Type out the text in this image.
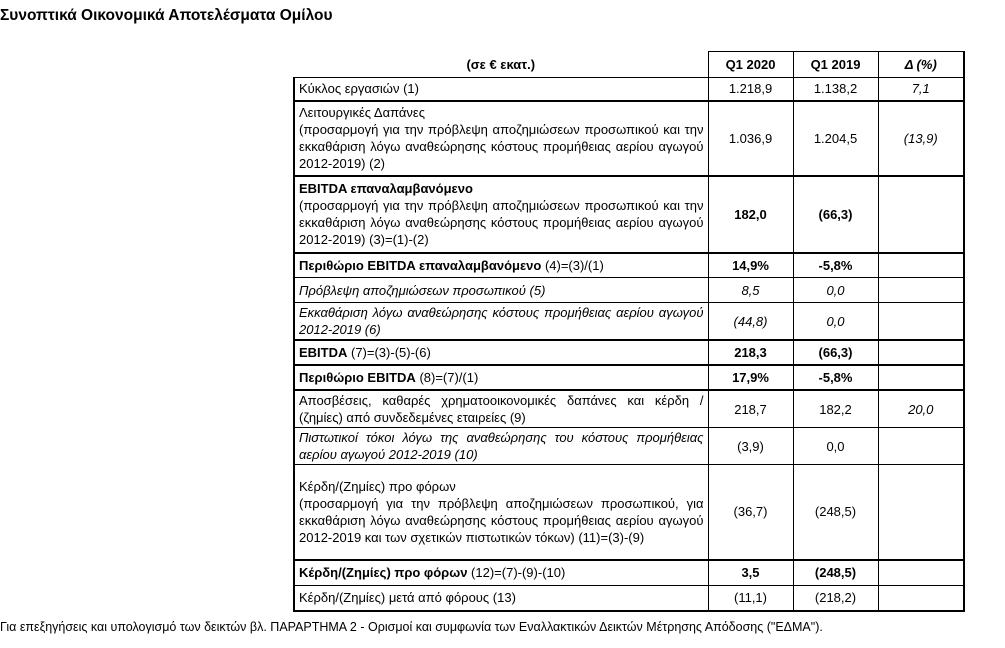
Συνοπτικά Οικονομικά Αποτελέσματα Ομίλου
(σε € εκατ.)	Q1 2020	Q1 2019	Δ (%)
Κύκλος εργασιών (1)	1.218,9	1.138,2	7,1

Λειτουργικές Δαπάνες
(προσαρμογή για την πρόβλεψη αποζημιώσεων προσωπικού και την εκκαθάριση λόγω αναθεώρησης κόστους προμήθειας αερίου αγωγού 2012-2019) (2)	1.036,9	1.204,5	(13,9)

EBITDA επαναλαμβανόμενο
(προσαρμογή για την πρόβλεψη αποζημιώσεων προσωπικού και την εκκαθάριση λόγω αναθεώρησης κόστους προμήθειας αερίου αγωγού 2012-2019) (3)=(1)-(2)	182,0	(66,3)	
Περιθώριο EBITDA επαναλαμβανόμενο (4)=(3)/(1)	14,9%	-5,8%	
Πρόβλεψη αποζημιώσεων προσωπικού (5)	8,5	0,0	
Εκκαθάριση λόγω αναθεώρησης κόστους προμήθειας αερίου αγωγού 2012-2019 (6)	(44,8)	0,0	
EBITDA (7)=(3)-(5)-(6)	218,3	(66,3)	
Περιθώριο EBITDA (8)=(7)/(1)	17,9%	-5,8%	
Αποσβέσεις, καθαρές χρηματοοικονομικές δαπάνες και κέρδη / (ζημίες) από συνδεδεμένες εταιρείες (9)	218,7	182,2	20,0
Πιστωτικοί τόκοι λόγω της αναθεώρησης του κόστους προμήθειας αερίου αγωγού 2012-2019 (10)	(3,9)	0,0	

Κέρδη/(Ζημίες) προ φόρων
(προσαρμογή για την πρόβλεψη αποζημιώσεων προσωπικού, για εκκαθάριση λόγω αναθεώρησης κόστους προμήθειας αερίου αγωγού 2012-2019 και των σχετικών πιστωτικών τόκων) (11)=(3)-(9)	(36,7)	(248,5)	
Κέρδη/(Ζημίες) προ φόρων (12)=(7)-(9)-(10)	3,5	(248,5)	
Κέρδη/(Ζημίες) μετά από φόρους (13)	(11,1)	(218,2)	
Για επεξηγήσεις και υπολογισμό των δεικτών βλ. ΠΑΡΑΡΤΗΜΑ 2 - Ορισμοί και συμφωνία των Εναλλακτικών Δεικτών Μέτρησης Απόδοσης ("ΕΔΜΑ").
